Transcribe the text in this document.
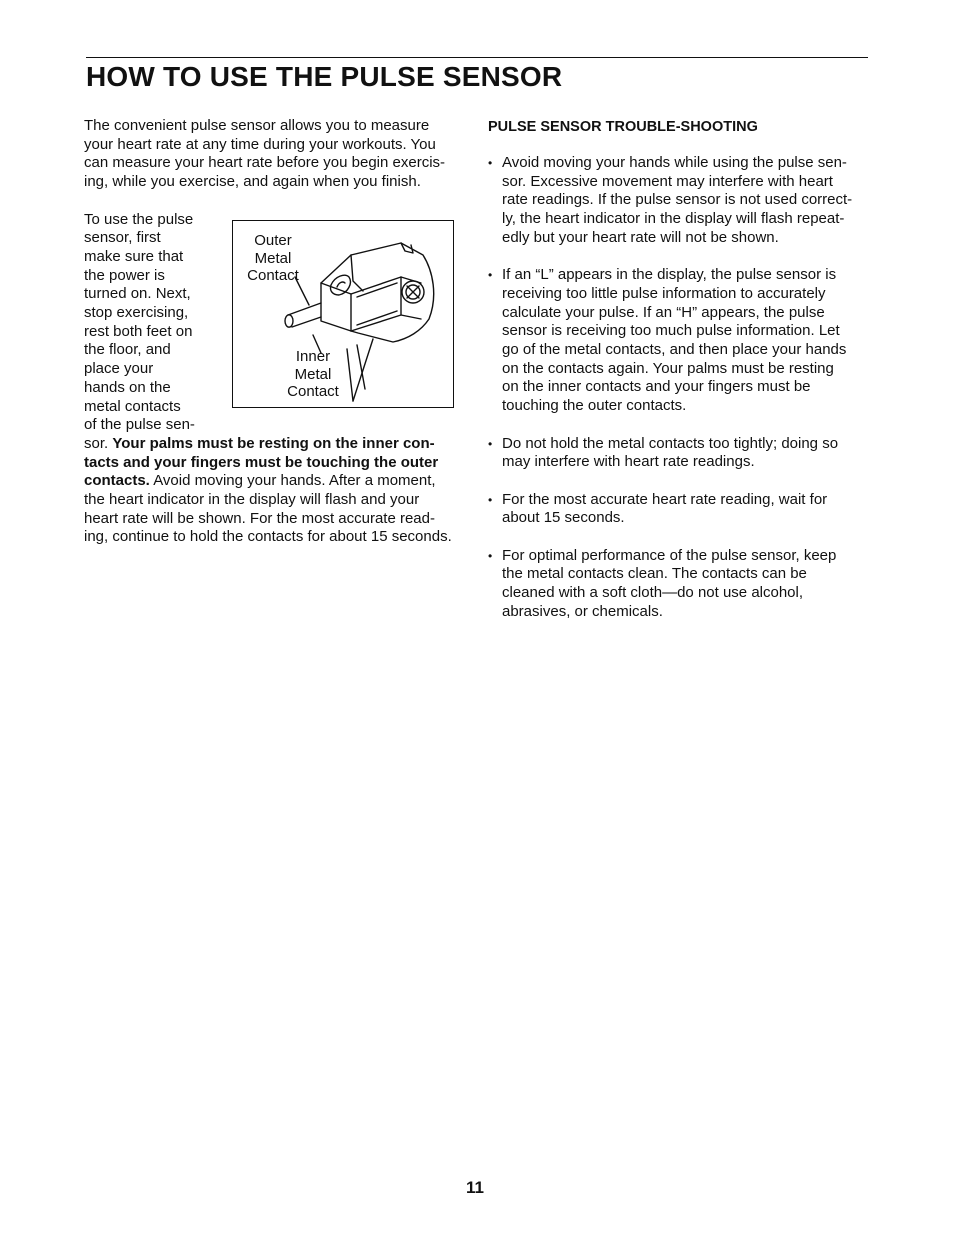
HOW TO USE THE PULSE SENSOR

The convenient pulse sensor allows you to measure
your heart rate at any time during your workouts. You
can measure your heart rate before you begin exercis-
ing, while you exercise, and again when you finish.

To use the pulse
sensor, first
make sure that
the power is
turned on. Next,
stop exercising,
rest both feet on
the floor, and
place your
hands on the
metal contacts
of the pulse sen-

sor. Your palms must be resting on the inner con-
tacts and your fingers must be touching the outer
contacts. Avoid moving your hands. After a moment,
the heart indicator in the display will flash and your
heart rate will be shown. For the most accurate read-
ing, continue to hold the contacts for about 15 seconds.

Outer
Metal
Contact
Inner
Metal
Contact
PULSE SENSOR TROUBLE-SHOOTING
• Avoid moving your hands while using the pulse sen-
sor. Excessive movement may interfere with heart
rate readings. If the pulse sensor is not used correct-
ly, the heart indicator in the display will flash repeat-
edly but your heart rate will not be shown.
• If an “L” appears in the display, the pulse sensor is
receiving too little pulse information to accurately
calculate your pulse. If an “H” appears, the pulse
sensor is receiving too much pulse information. Let
go of the metal contacts, and then place your hands
on the contacts again. Your palms must be resting
on the inner contacts and your fingers must be
touching the outer contacts.
• Do not hold the metal contacts too tightly; doing so
may interfere with heart rate readings.
• For the most accurate heart rate reading, wait for
about 15 seconds.
• For optimal performance of the pulse sensor, keep
the metal contacts clean. The contacts can be
cleaned with a soft cloth—do not use alcohol,
abrasives, or chemicals.
11
